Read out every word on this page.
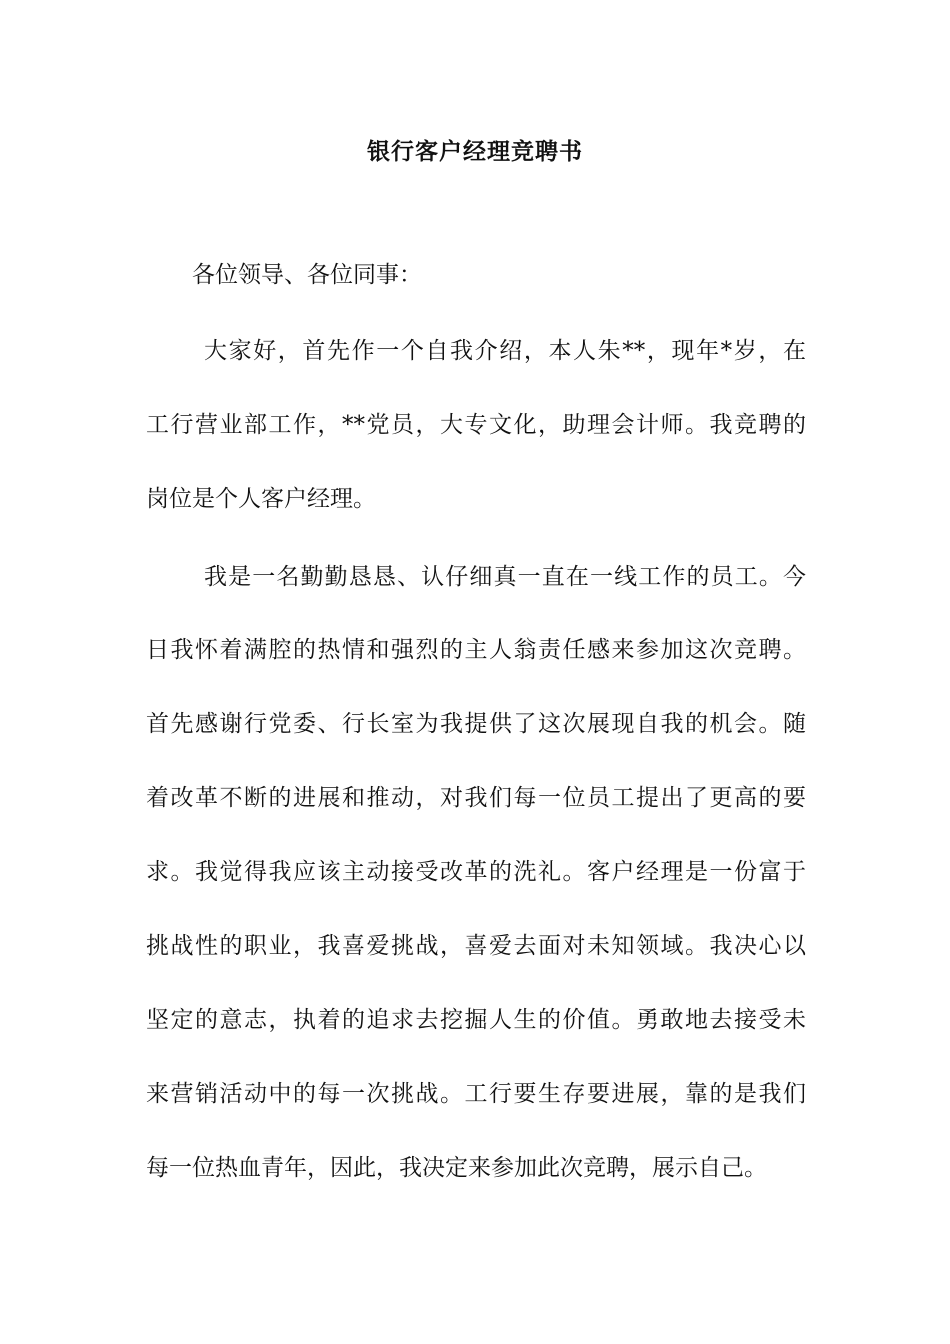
银行客户经理竞聘书
各位领导、各位同事：
大家好，首先作一个自我介绍，本人朱**，现年*岁，在
工行营业部工作，**党员，大专文化，助理会计师。我竞聘的
岗位是个人客户经理。
我是一名勤勤恳恳、认仔细真一直在一线工作的员工。今
日我怀着满腔的热情和强烈的主人翁责任感来参加这次竞聘。
首先感谢行党委、行长室为我提供了这次展现自我的机会。随
着改革不断的进展和推动，对我们每一位员工提出了更高的要
求。我觉得我应该主动接受改革的洗礼。客户经理是一份富于
挑战性的职业，我喜爱挑战，喜爱去面对未知领域。我决心以
坚定的意志，执着的追求去挖掘人生的价值。勇敢地去接受未
来营销活动中的每一次挑战。工行要生存要进展，靠的是我们
每一位热血青年，因此，我决定来参加此次竞聘，展示自己。
